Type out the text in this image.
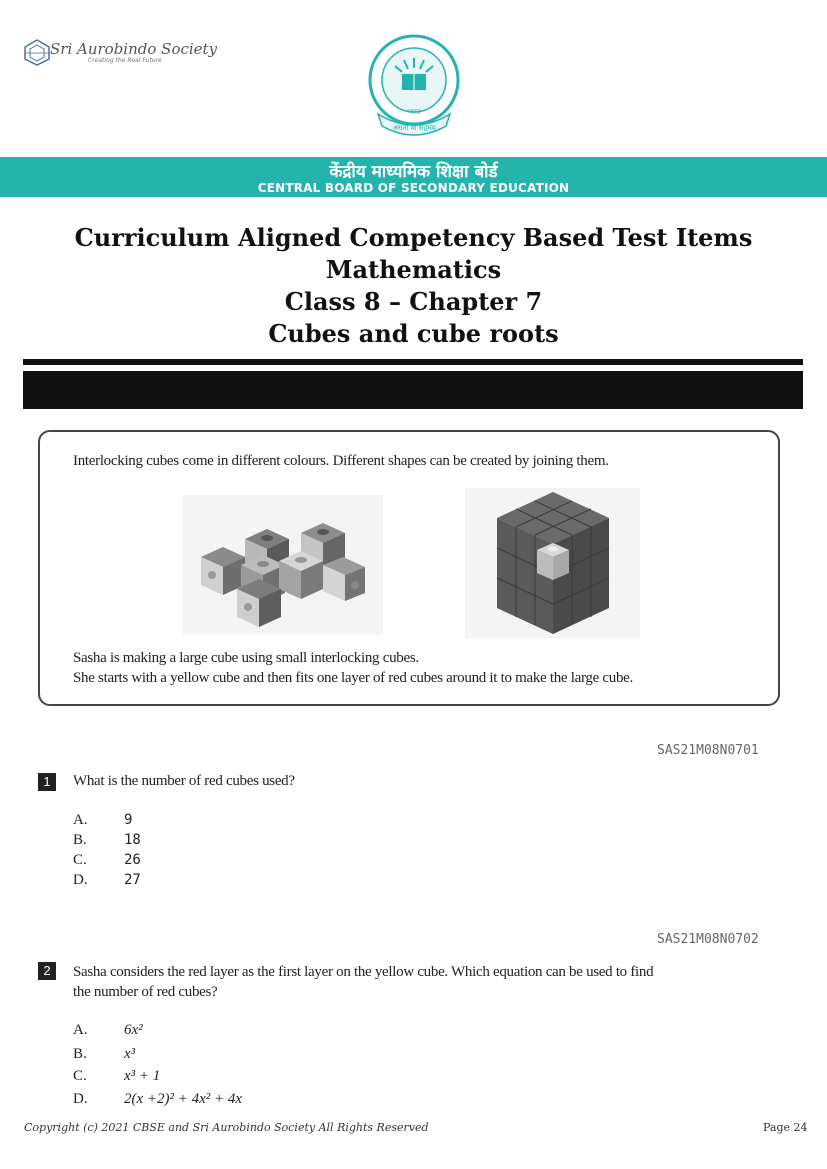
Sri Aurobindo Society
Creating the Real Future
भारत
असतो मा सद्गमय
केंद्रीय माध्यमिक शिक्षा बोर्ड
CENTRAL BOARD OF SECONDARY EDUCATION
Curriculum Aligned Competency Based Test Items
Mathematics
Class 8 – Chapter 7
Cubes and cube roots
Interlocking cubes come in different colours. Different shapes can be created by joining them.
Sasha is making a large cube using small interlocking cubes.
She starts with a yellow cube and then fits one layer of red cubes around it to make the large cube.
SAS21M08N0701
1	What is the number of red cubes used?
A.	9
B.	18
C.	26
D.	27
SAS21M08N0702
2	Sasha considers the red layer as the first layer on the yellow cube. Which equation can be used to find
the number of red cubes?
A. 6x²
B. x³
C. x³ + 1
D. 2(x +2)² + 4x² + 4x
Copyright (c) 2021 CBSE and Sri Aurobindo Society All Rights Reserved	Page 24
